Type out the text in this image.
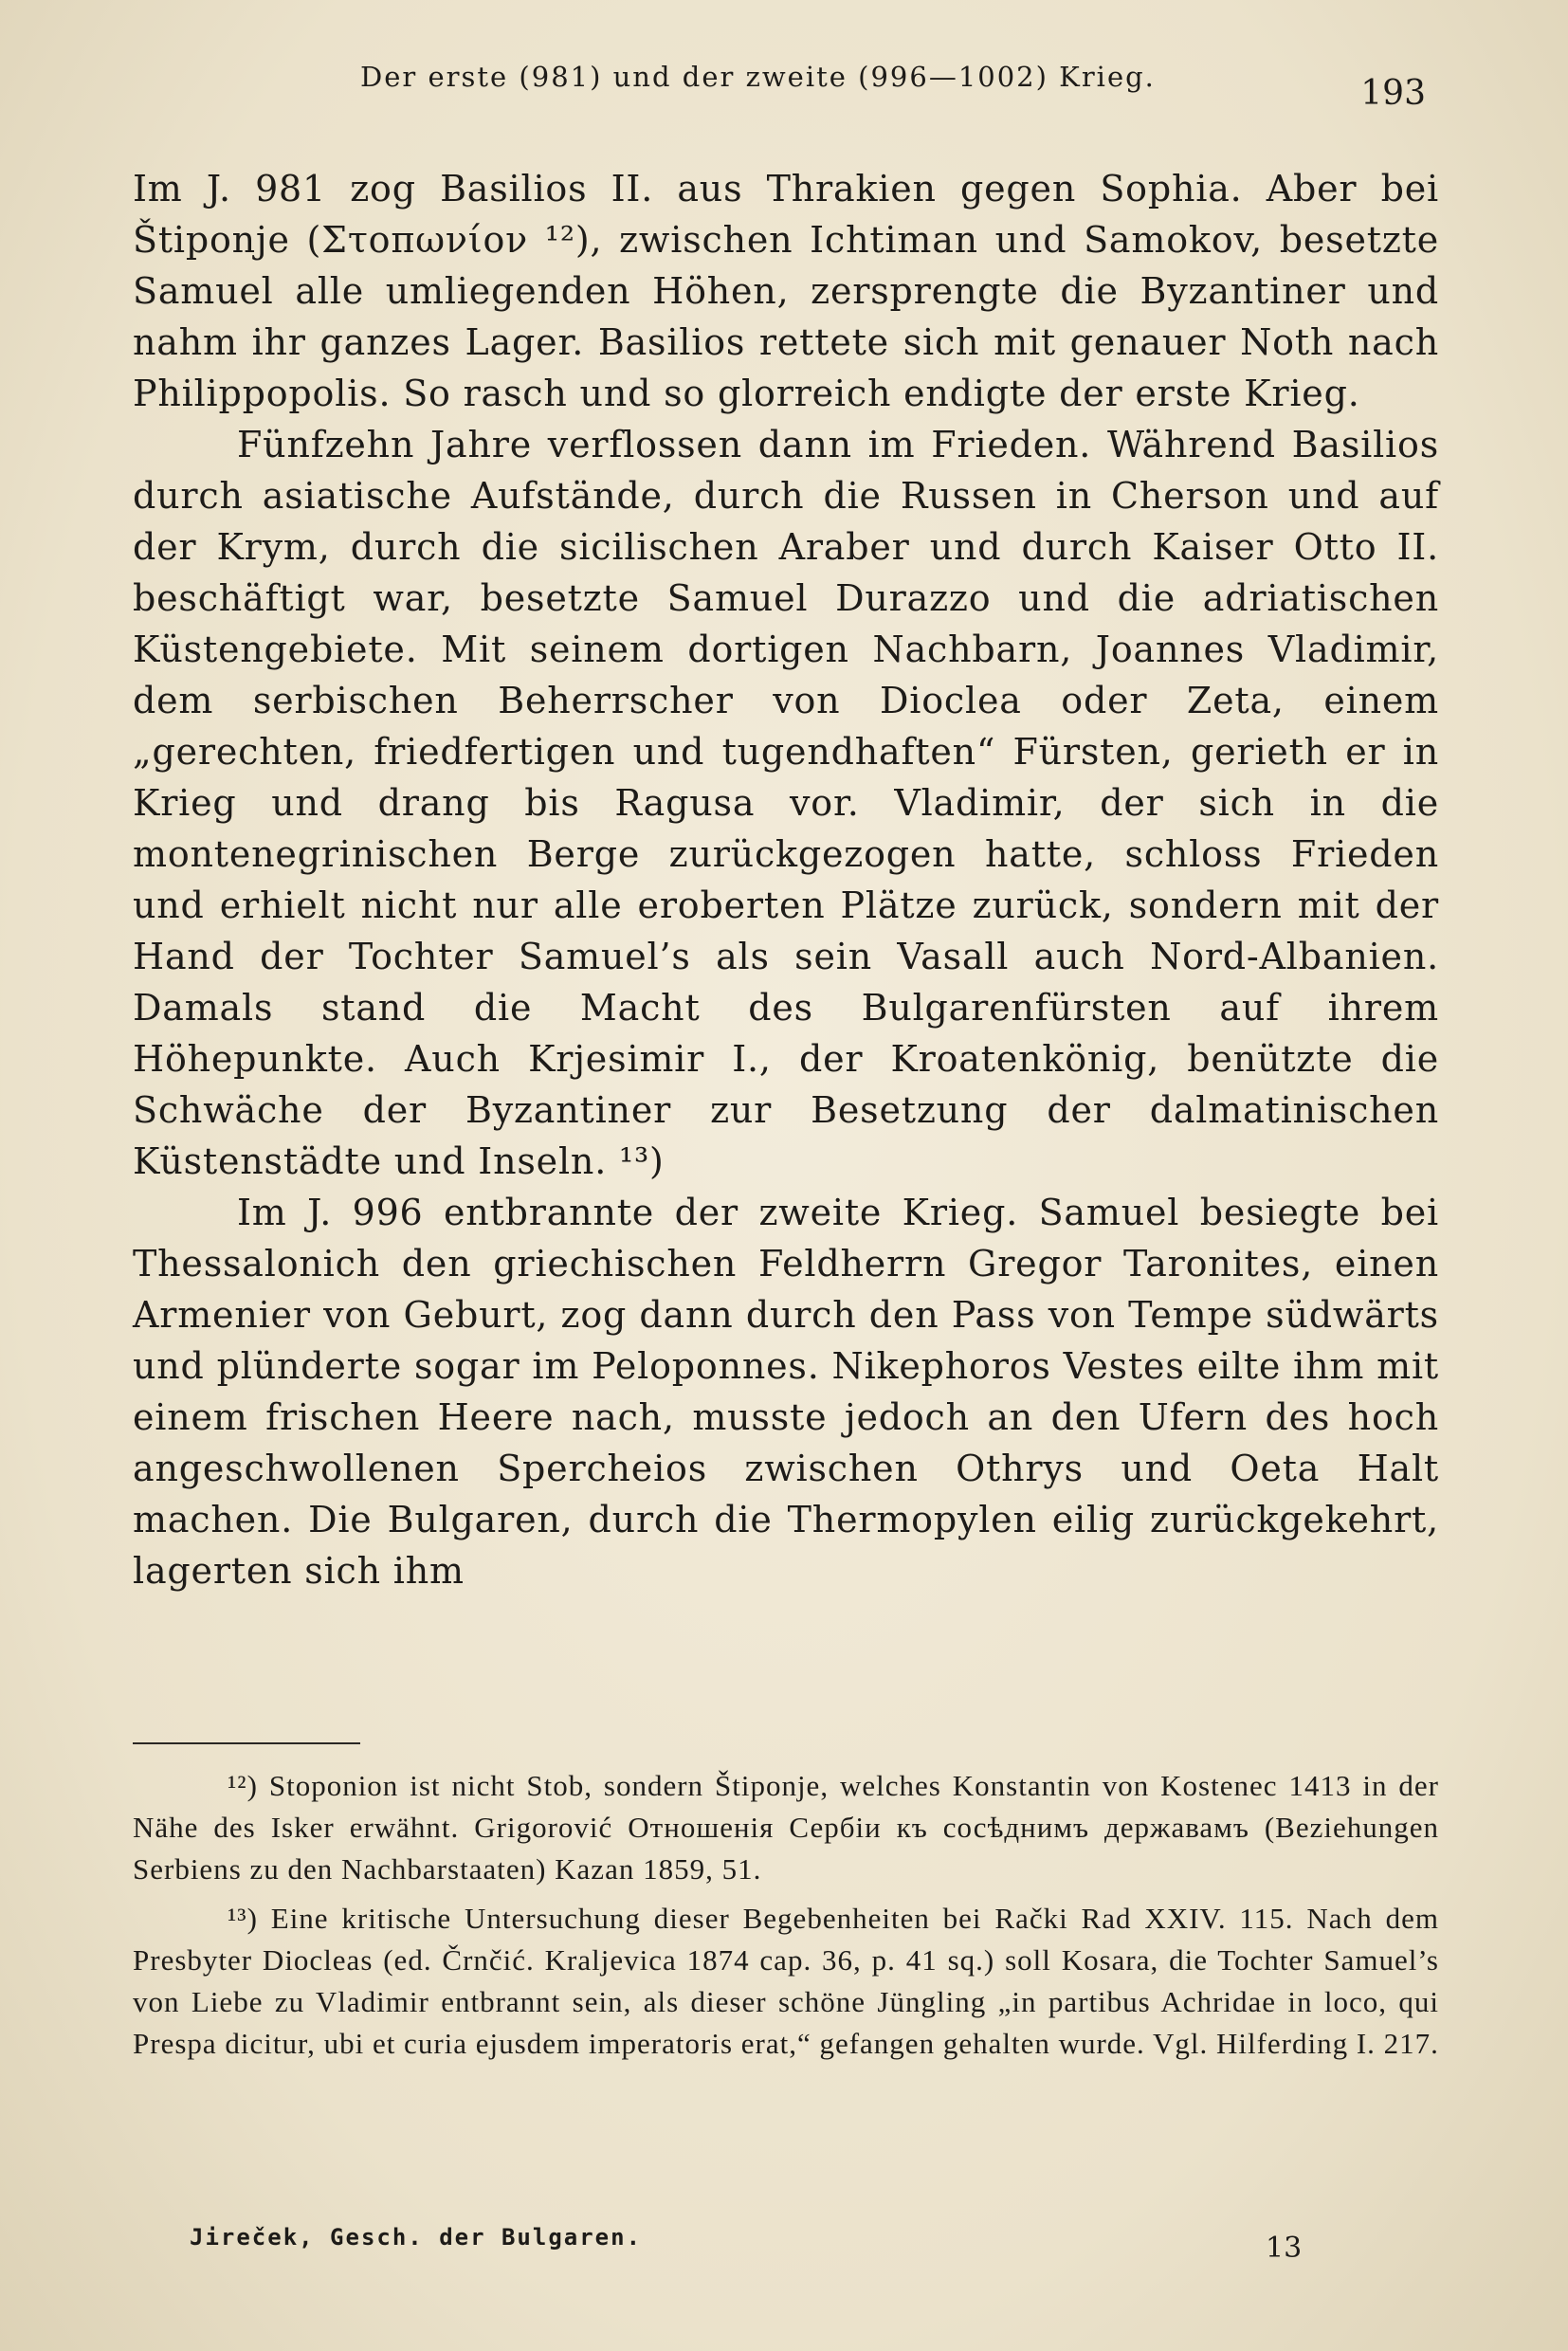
Der erste (981) und der zweite (996—1002) Krieg.	193

Im J. 981 zog Basilios II. aus Thrakien gegen Sophia. Aber bei Štiponje (Στοπωνίον ¹²), zwischen Ichtiman und Samokov, besetzte Samuel alle umliegenden Höhen, zersprengte die Byzantiner und nahm ihr ganzes Lager. Basilios rettete sich mit genauer Noth nach Philippopolis. So rasch und so glorreich endigte der erste Krieg.

Fünfzehn Jahre verflossen dann im Frieden. Während Basilios durch asiatische Aufstände, durch die Russen in Cherson und auf der Krym, durch die sicilischen Araber und durch Kaiser Otto II. beschäftigt war, besetzte Samuel Durazzo und die adriatischen Küstengebiete. Mit seinem dortigen Nachbarn, Joannes Vladimir, dem serbischen Beherrscher von Dioclea oder Zeta, einem „gerechten, friedfertigen und tugendhaften“ Fürsten, gerieth er in Krieg und drang bis Ragusa vor. Vladimir, der sich in die montenegrinischen Berge zurückgezogen hatte, schloss Frieden und erhielt nicht nur alle eroberten Plätze zurück, sondern mit der Hand der Tochter Samuel’s als sein Vasall auch Nord-Albanien. Damals stand die Macht des Bulgarenfürsten auf ihrem Höhepunkte. Auch Krjesimir I., der Kroatenkönig, benützte die Schwäche der Byzantiner zur Besetzung der dalmatinischen Küstenstädte und Inseln. ¹³)

Im J. 996 entbrannte der zweite Krieg. Samuel besiegte bei Thessalonich den griechischen Feldherrn Gregor Taronites, einen Armenier von Geburt, zog dann durch den Pass von Tempe südwärts und plünderte sogar im Peloponnes. Nikephoros Vestes eilte ihm mit einem frischen Heere nach, musste jedoch an den Ufern des hoch angeschwollenen Spercheios zwischen Othrys und Oeta Halt machen. Die Bulgaren, durch die Thermopylen eilig zurückgekehrt, lagerten sich ihm

¹²) Stoponion ist nicht Stob, sondern Štiponje, welches Konstantin von Kostenec 1413 in der Nähe des Isker erwähnt. Grigorović Отношенія Сербіи къ сосѣднимъ державамъ (Beziehungen Serbiens zu den Nachbarstaaten) Kazan 1859, 51.

¹³) Eine kritische Untersuchung dieser Begebenheiten bei Rački Rad XXIV. 115. Nach dem Presbyter Diocleas (ed. Črnčić. Kraljevica 1874 cap. 36, p. 41 sq.) soll Kosara, die Tochter Samuel’s von Liebe zu Vladimir entbrannt sein, als dieser schöne Jüngling „in partibus Achridae in loco, qui Prespa dicitur, ubi et curia ejusdem imperatoris erat,“ gefangen gehalten wurde. Vgl. Hilferding I. 217.

Jireček, Gesch. der Bulgaren.	13
